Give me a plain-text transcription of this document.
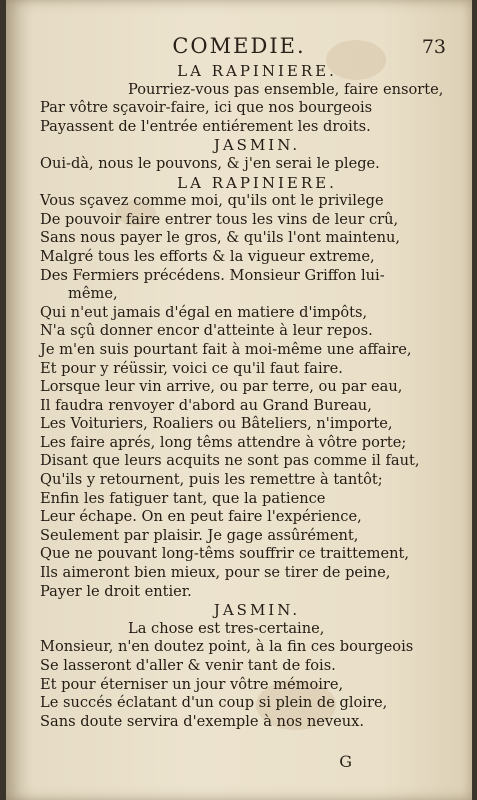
COMEDIE.	73
LA RAPINIERE.
Pourriez-vous pas ensemble, faire ensorte,
Par vôtre sçavoir-faire, ici que nos bourgeois
Payassent de l'entrée entiérement les droits.
JASMIN.
Oui-dà, nous le pouvons, & j'en serai le plege.
LA RAPINIERE.
Vous sçavez comme moi, qu'ils ont le privilege
De pouvoir faire entrer tous les vins de leur crû,
Sans nous payer le gros, & qu'ils l'ont maintenu,
Malgré tous les efforts & la vigueur extreme,
Des Fermiers précédens. Monsieur Griffon lui-
même,
Qui n'eut jamais d'égal en matiere d'impôts,
N'a sçû donner encor d'atteinte à leur repos.
Je m'en suis pourtant fait à moi-même une affaire,
Et pour y réüssir, voici ce qu'il faut faire.
Lorsque leur vin arrive, ou par terre, ou par eau,
Il faudra renvoyer d'abord au Grand Bureau,
Les Voituriers, Roaliers ou Bâteliers, n'importe,
Les faire aprés, long têms attendre à vôtre porte;
Disant que leurs acquits ne sont pas comme il faut,
Qu'ils y retournent, puis les remettre à tantôt;
Enfin les fatiguer tant, que la patience
Leur échape. On en peut faire l'expérience,
Seulement par plaisir. Je gage assûrément,
Que ne pouvant long-têms souffrir ce traittement,
Ils aimeront bien mieux, pour se tirer de peine,
Payer le droit entier.
JASMIN.
La chose est tres-certaine,
Monsieur, n'en doutez point, à la fin ces bourgeois
Se lasseront d'aller & venir tant de fois.
Et pour éterniser un jour vôtre mémoire,
Le succés éclatant d'un coup si plein de gloire,
Sans doute servira d'exemple à nos neveux.
G
